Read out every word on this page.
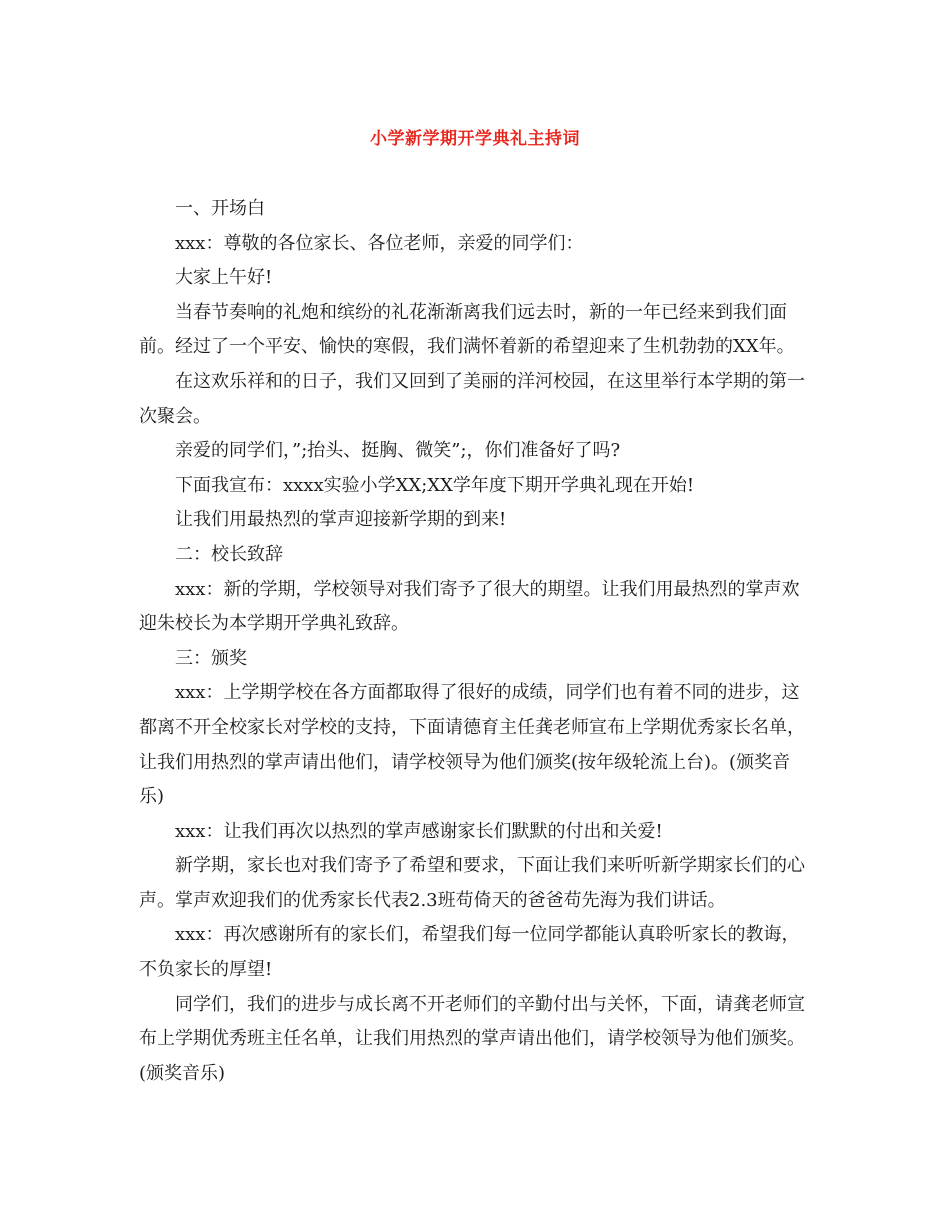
小学新学期开学典礼主持词

一、开场白

xxx：尊敬的各位家长、各位老师，亲爱的同学们：

大家上午好!

当春节奏响的礼炮和缤纷的礼花渐渐离我们远去时，新的一年已经来到我们面前。经过了一个平安、愉快的寒假，我们满怀着新的希望迎来了生机勃勃的XX年。

在这欢乐祥和的日子，我们又回到了美丽的洋河校园，在这里举行本学期的第一次聚会。

亲爱的同学们，”;抬头、挺胸、微笑”;，你们准备好了吗?

下面我宣布：xxxx实验小学XX;XX学年度下期开学典礼现在开始!

让我们用最热烈的掌声迎接新学期的到来!

二：校长致辞

xxx：新的学期，学校领导对我们寄予了很大的期望。让我们用最热烈的掌声欢迎朱校长为本学期开学典礼致辞。

三：颁奖

xxx：上学期学校在各方面都取得了很好的成绩，同学们也有着不同的进步，这都离不开全校家长对学校的支持，下面请德育主任龚老师宣布上学期优秀家长名单，让我们用热烈的掌声请出他们，请学校领导为他们颁奖(按年级轮流上台)。(颁奖音乐)

xxx：让我们再次以热烈的掌声感谢家长们默默的付出和关爱!

新学期，家长也对我们寄予了希望和要求，下面让我们来听听新学期家长们的心声。掌声欢迎我们的优秀家长代表2.3班苟倚天的爸爸苟先海为我们讲话。

xxx：再次感谢所有的家长们，希望我们每一位同学都能认真聆听家长的教诲，不负家长的厚望!

同学们，我们的进步与成长离不开老师们的辛勤付出与关怀，下面，请龚老师宣布上学期优秀班主任名单，让我们用热烈的掌声请出他们，请学校领导为他们颁奖。(颁奖音乐)
